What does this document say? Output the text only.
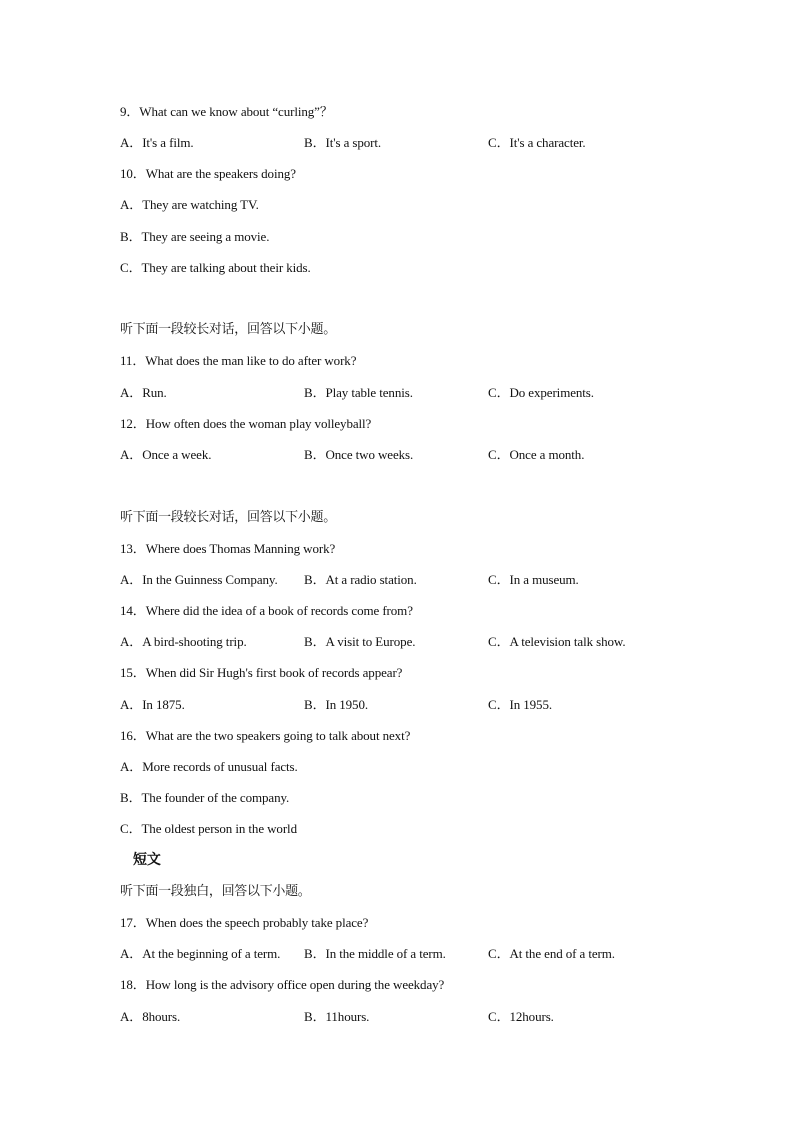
9．What can we know about “curling”？
A．It's a film.	B．It's a sport.	C．It's a character.
10．What are the speakers doing?
A．They are watching TV.
B．They are seeing a movie.
C．They are talking about their kids.
听下面一段较长对话，回答以下小题。
11．What does the man like to do after work?
A．Run.	B．Play table tennis.	C．Do experiments.
12．How often does the woman play volleyball?
A．Once a week.	B．Once two weeks.	C．Once a month.
听下面一段较长对话，回答以下小题。
13．Where does Thomas Manning work?
A．In the Guinness Company. B．At a radio station.	C．In a museum.
14．Where did the idea of a book of records come from?
A．A bird-shooting trip.	B．A visit to Europe.	C．A television talk show.
15．When did Sir Hugh's first book of records appear?
A．In 1875.	B．In 1950.	C．In 1955.
16．What are the two speakers going to talk about next?
A．More records of unusual facts.
B．The founder of the company.
C．The oldest person in the world
短文
听下面一段独白，回答以下小题。
17．When does the speech probably take place?
A．At the beginning of a term. B．In the middle of a term.	C．At the end of a term.
18．How long is the advisory office open during the weekday?
A．8hours.	B．11hours.	C．12hours.
